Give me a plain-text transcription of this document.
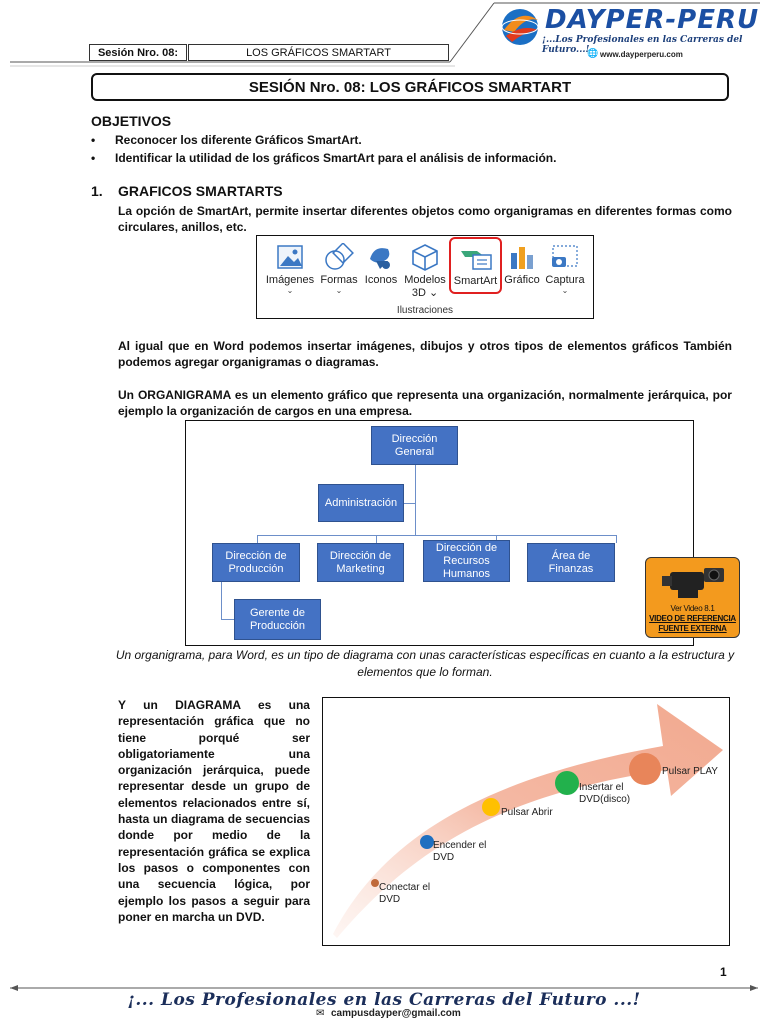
Sesión Nro. 08:	LOS GRÁFICOS SMARTART
DAYPER-PERU
¡...Los Profesionales en las Carreras del Futuro...!
🌐 www.dayperperu.com
SESIÓN Nro. 08: LOS GRÁFICOS SMARTART
OBJETIVOS
• Reconocer los diferente Gráficos SmartArt.
• Identificar la utilidad de los gráficos SmartArt para el análisis de información.
1. GRAFICOS SMARTARTS
La opción de SmartArt, permite insertar diferentes objetos como organigramas en diferentes formas como circulares, anillos, etc.
Imágenes
⌄
Formas
⌄
Iconos Modelos
3D ⌄
SmartArt Gráfico Captura
⌄
Ilustraciones
Al igual que en Word podemos insertar imágenes, dibujos y otros tipos de elementos gráficos También podemos agregar organigramas o diagramas.
Un ORGANIGRAMA es un elemento gráfico que representa una organización, normalmente jerárquica, por ejemplo la organización de cargos en una empresa.
Dirección General
Administración
Dirección de Producción
Dirección de Marketing
Dirección de Recursos Humanos
Área de Finanzas
Gerente de Producción
Ver Video 8.1
VIDEO DE REFERENCIA
FUENTE EXTERNA
Un organigrama, para Word, es un tipo de diagrama con unas características específicas en cuanto a la estructura y elementos que lo forman.
Y un DIAGRAMA es una representación gráfica que no tiene porqué ser obligatoriamente una organización jerárquica, puede representar desde un grupo de elementos relacionados entre sí, hasta un diagrama de secuencias donde por medio de la representación gráfica se explica los pasos o componentes con una secuencia lógica, por ejemplo los pasos a seguir para poner en marcha un DVD.
Conectar el DVD
Encender el DVD
Pulsar Abrir
Insertar el DVD(disco)
Pulsar PLAY
1
¡... Los Profesionales en las Carreras del Futuro ...!
✉ campusdayper@gmail.com
